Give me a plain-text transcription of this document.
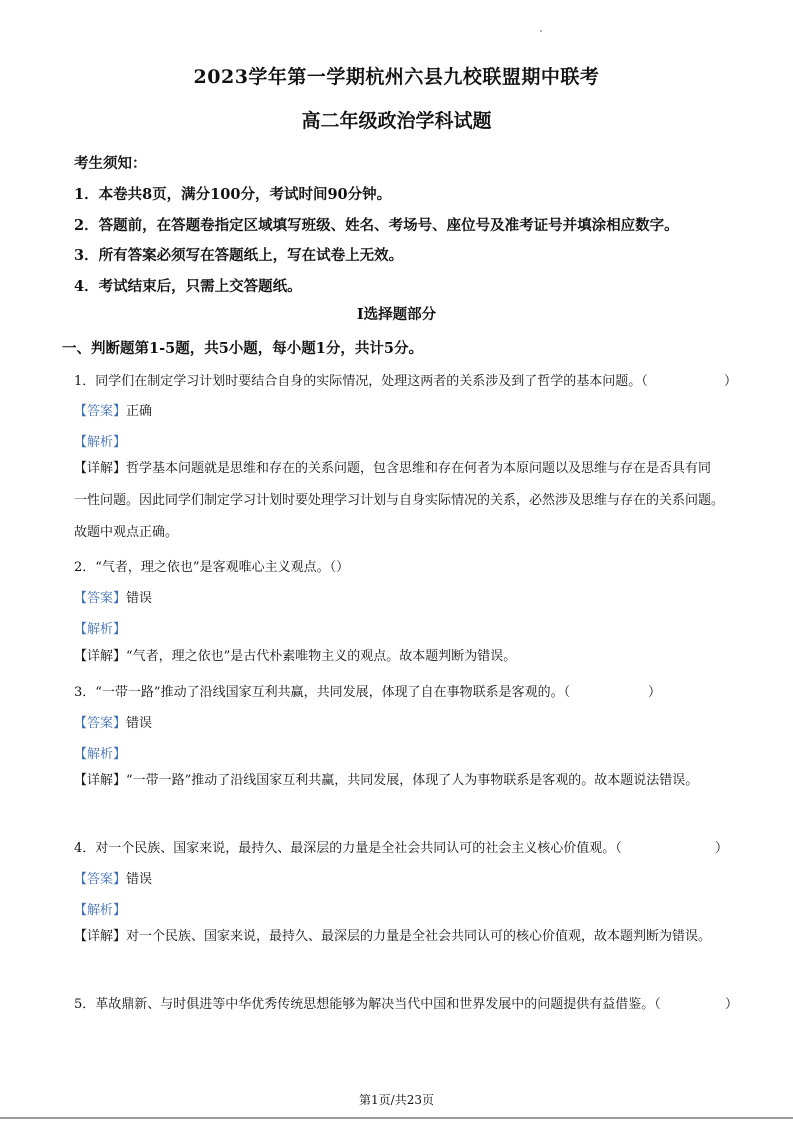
2023学年第一学期杭州六县九校联盟期中联考
高二年级政治学科试题
考生须知：
1．本卷共8页，满分100分，考试时间90分钟。
2．答题前，在答题卷指定区域填写班级、姓名、考场号、座位号及准考证号并填涂相应数字。
3．所有答案必须写在答题纸上，写在试卷上无效。
4．考试结束后，只需上交答题纸。
Ⅰ选择题部分
一、判断题第1-5题，共5小题，每小题1分，共计5分。
1．同学们在制定学习计划时要结合自身的实际情况，处理这两者的关系涉及到了哲学的基本问题。（	）
【答案】正确
【解析】
【详解】哲学基本问题就是思维和存在的关系问题，包含思维和存在何者为本原问题以及思维与存在是否具有同一性问题。因此同学们制定学习计划时要处理学习计划与自身实际情况的关系，必然涉及思维与存在的关系问题。故题中观点正确。
2．“气者，理之依也”是客观唯心主义观点。（）
【答案】错误
【解析】
【详解】“气者，理之依也”是古代朴素唯物主义的观点。故本题判断为错误。
3．“一带一路”推动了沿线国家互利共赢，共同发展，体现了自在事物联系是客观的。（	）
【答案】错误
【解析】
【详解】“一带一路”推动了沿线国家互利共赢，共同发展，体现了人为事物联系是客观的。故本题说法错误。
4．对一个民族、国家来说，最持久、最深层的力量是全社会共同认可的社会主义核心价值观。（	）
【答案】错误
【解析】
【详解】对一个民族、国家来说，最持久、最深层的力量是全社会共同认可的核心价值观，故本题判断为错误。
5．革故鼎新、与时俱进等中华优秀传统思想能够为解决当代中国和世界发展中的问题提供有益借鉴。（	）
第1页/共23页
